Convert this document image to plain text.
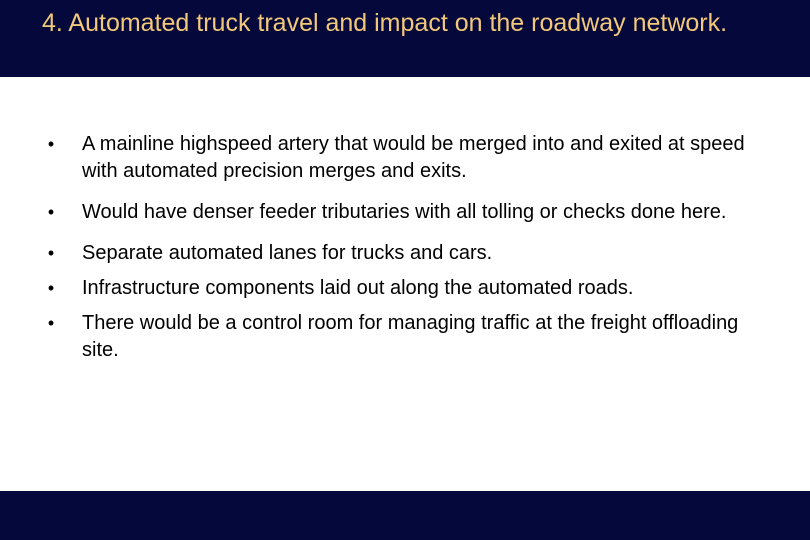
4. Automated truck travel and impact on the roadway network.
• A mainline highspeed artery that would be merged into and exited at speed with automated precision merges and exits.
• Would have denser feeder tributaries with all tolling or checks done here.
• Separate automated lanes for trucks and cars.
• Infrastructure components laid out along the automated roads.
• There would be a control room for managing traffic at the freight offloading site.
